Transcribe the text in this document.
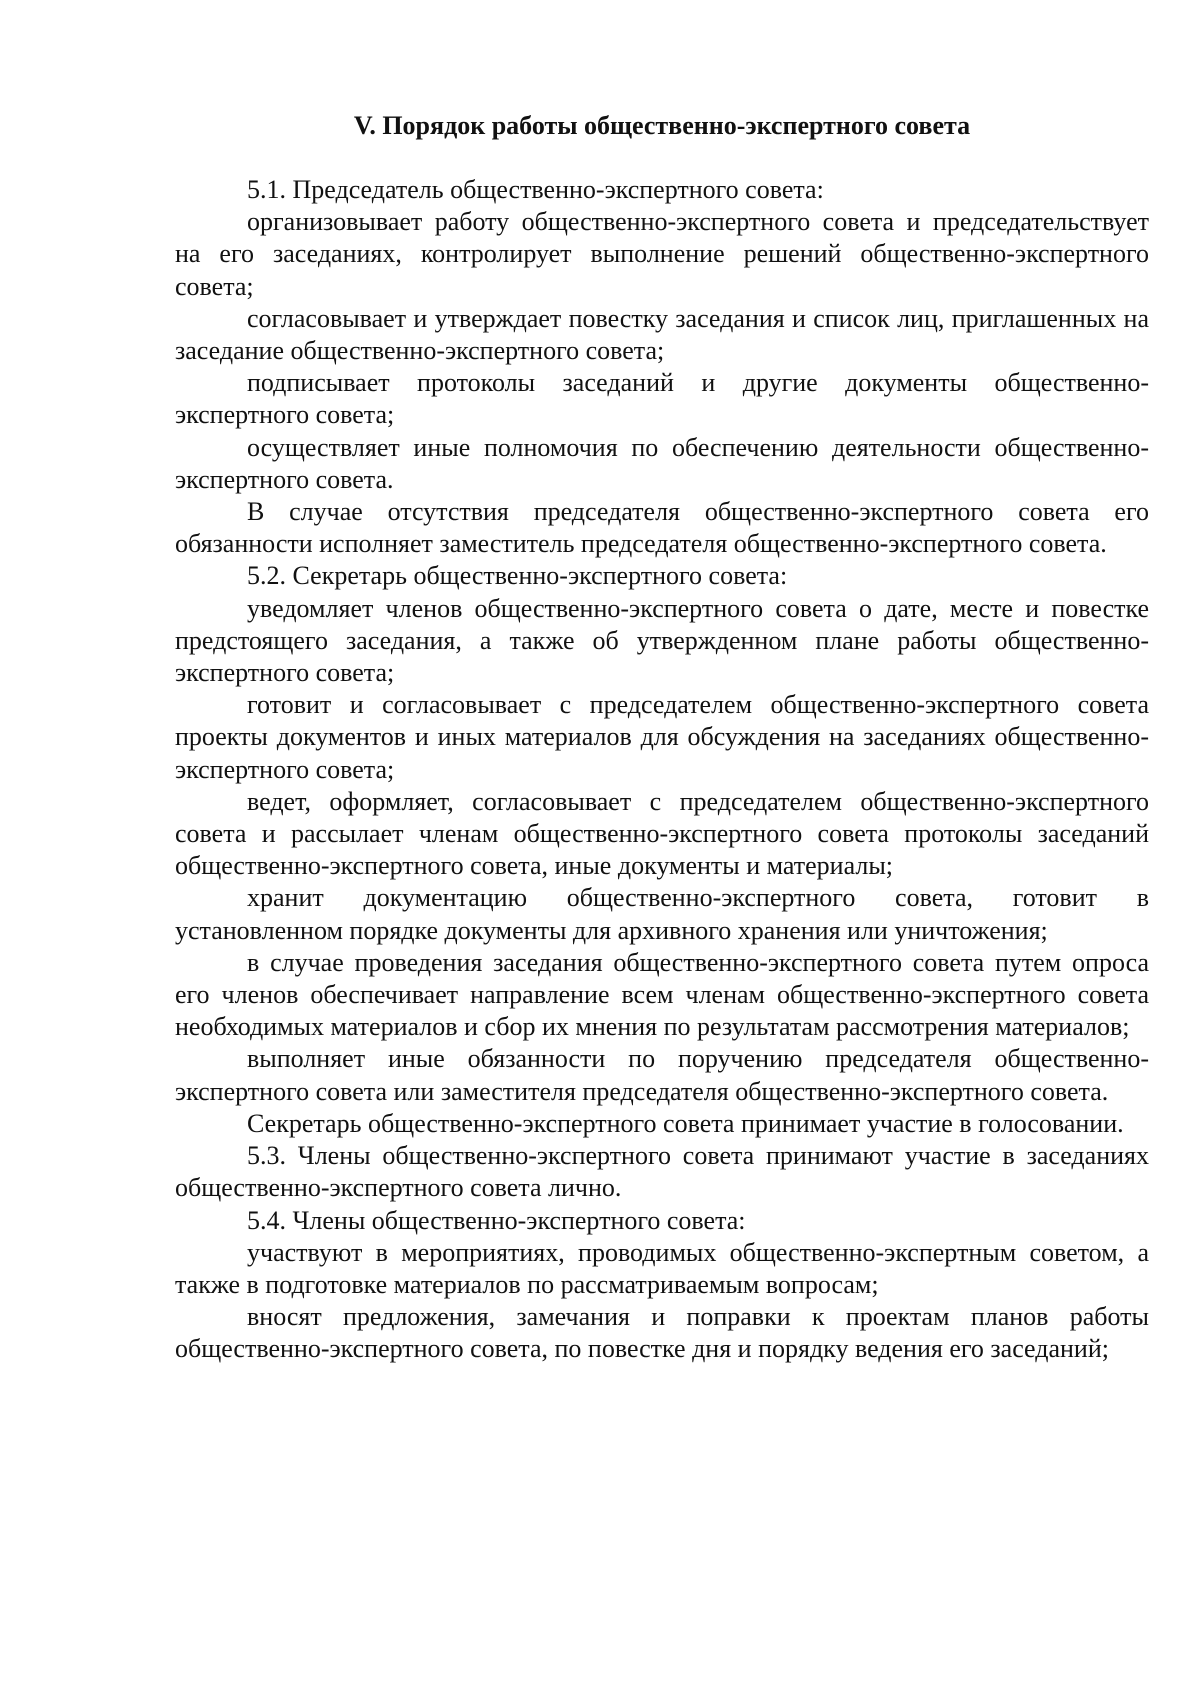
V. Порядок работы общественно-экспертного совета

5.1. Председатель общественно-экспертного совета:

организовывает работу общественно-экспертного совета и председательствует на его заседаниях, контролирует выполнение решений общественно-экспертного совета;

согласовывает и утверждает повестку заседания и список лиц, приглашенных на заседание общественно-экспертного совета;

подписывает протоколы заседаний и другие документы общественно-экспертного совета;

осуществляет иные полномочия по обеспечению деятельности общественно-экспертного совета.

В случае отсутствия председателя общественно-экспертного совета его обязанности исполняет заместитель председателя общественно-экспертного совета.

5.2. Секретарь общественно-экспертного совета:

уведомляет членов общественно-экспертного совета о дате, месте и повестке предстоящего заседания, а также об утвержденном плане работы общественно-экспертного совета;

готовит и согласовывает с председателем общественно-экспертного совета проекты документов и иных материалов для обсуждения на заседаниях общественно-экспертного совета;

ведет, оформляет, согласовывает с председателем общественно-экспертного совета и рассылает членам общественно-экспертного совета протоколы заседаний общественно-экспертного совета, иные документы и материалы;

хранит документацию общественно-экспертного совета, готовит в установленном порядке документы для архивного хранения или уничтожения;

в случае проведения заседания общественно-экспертного совета путем опроса его членов обеспечивает направление всем членам общественно-экспертного совета необходимых материалов и сбор их мнения по результатам рассмотрения материалов;

выполняет иные обязанности по поручению председателя общественно-экспертного совета или заместителя председателя общественно-экспертного совета.

Секретарь общественно-экспертного совета принимает участие в голосовании.

5.3. Члены общественно-экспертного совета принимают участие в заседаниях общественно-экспертного совета лично.

5.4. Члены общественно-экспертного совета:

участвуют в мероприятиях, проводимых общественно-экспертным советом, а также в подготовке материалов по рассматриваемым вопросам;

вносят предложения, замечания и поправки к проектам планов работы общественно-экспертного совета, по повестке дня и порядку ведения его заседаний;
